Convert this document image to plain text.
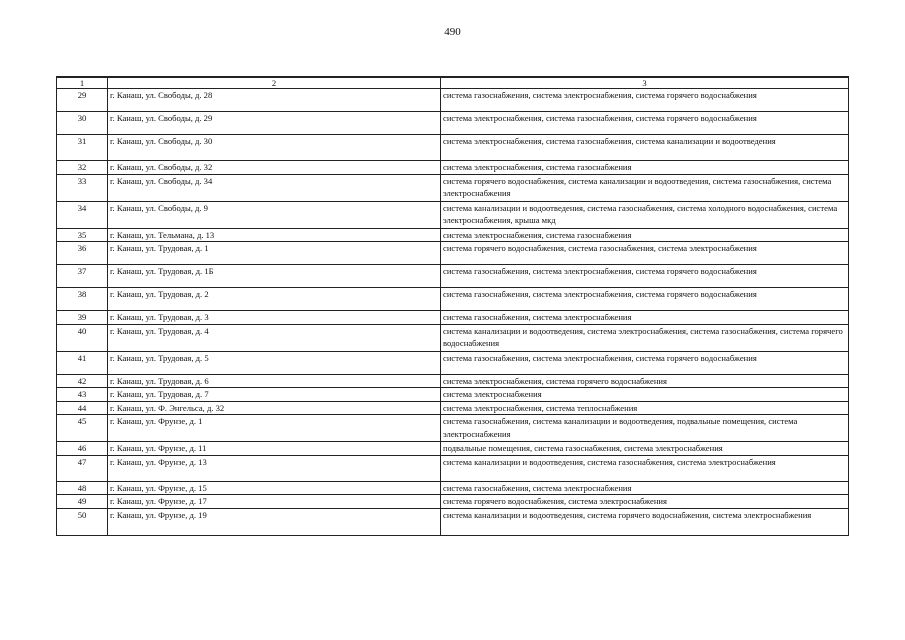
490
1	2	3
29	г. Канаш, ул. Свободы, д. 28	система газоснабжения, система электроснабжения, система горячего водоснабжения
30	г. Канаш, ул. Свободы, д. 29	система электроснабжения, система газоснабжения, система горячего водоснабжения
31	г. Канаш, ул. Свободы, д. 30	система электроснабжения, система газоснабжения, система канализации и водоотведения
32	г. Канаш, ул. Свободы, д. 32	система электроснабжения, система газоснабжения
33	г. Канаш, ул. Свободы, д. 34	система горячего водоснабжения, система канализации и водоотведения, система газоснабжения, система электроснабжения
34	г. Канаш, ул. Свободы, д. 9	система канализации и водоотведения, система газоснабжения, система холодного водоснабжения, система электроснабжения, крыша мкд
35	г. Канаш, ул. Тельмана, д. 13	система электроснабжения, система газоснабжения
36	г. Канаш, ул. Трудовая, д. 1	система горячего водоснабжения, система газоснабжения, система электроснабжения
37	г. Канаш, ул. Трудовая, д. 1Б	система газоснабжения, система электроснабжения, система горячего водоснабжения
38	г. Канаш, ул. Трудовая, д. 2	система газоснабжения, система электроснабжения, система горячего водоснабжения
39	г. Канаш, ул. Трудовая, д. 3	система газоснабжения, система электроснабжения
40	г. Канаш, ул. Трудовая, д. 4	система канализации и водоотведения, система электроснабжения, система газоснабжения, система горячего водоснабжения
41	г. Канаш, ул. Трудовая, д. 5	система газоснабжения, система электроснабжения, система горячего водоснабжения
42	г. Канаш, ул. Трудовая, д. 6	система электроснабжения, система горячего водоснабжения
43	г. Канаш, ул. Трудовая, д. 7	система электроснабжения
44	г. Канаш, ул. Ф. Энгельса, д. 32	система электроснабжения, система теплоснабжения
45	г. Канаш, ул. Фрунзе, д. 1	система газоснабжения, система канализации и водоотведения, подвальные помещения, система электроснабжения
46	г. Канаш, ул. Фрунзе, д. 11	подвальные помещения, система газоснабжения, система электроснабжения
47	г. Канаш, ул. Фрунзе, д. 13	система канализации и водоотведения, система газоснабжения, система электроснабжения
48	г. Канаш, ул. Фрунзе, д. 15	система газоснабжения, система электроснабжения
49	г. Канаш, ул. Фрунзе, д. 17	система горячего водоснабжения, система электроснабжения
50	г. Канаш, ул. Фрунзе, д. 19	система канализации и водоотведения, система горячего водоснабжения, система электроснабжения
